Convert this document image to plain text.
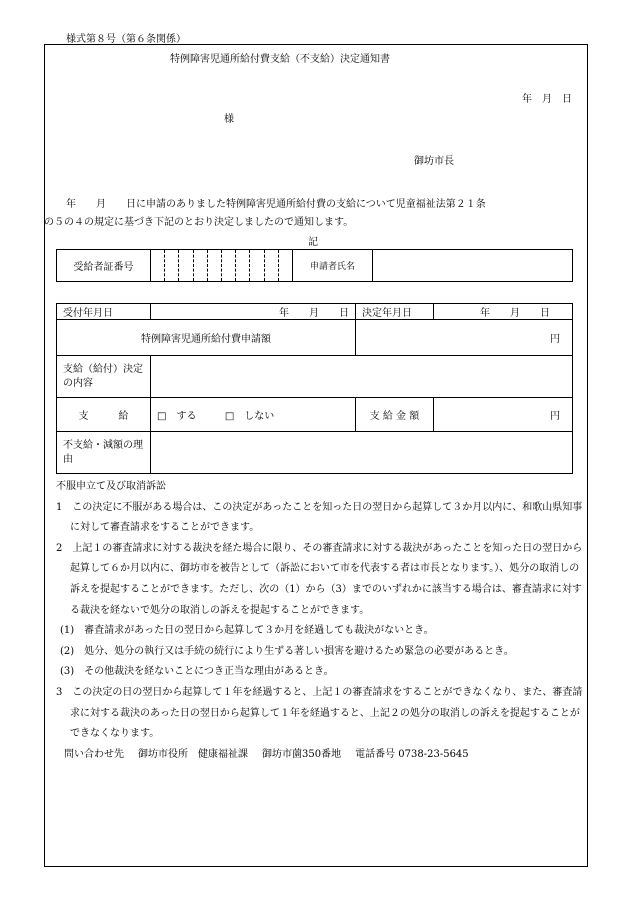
様式第８号（第６条関係）
特例障害児通所給付費支給（不支給）決定通知書
年　月　日
様
御坊市長
年　　月　　日に申請のありました特例障害児通所給付費の支給について児童福祉法第２１条
の５の４の規定に基づき下記のとおり決定しましたので通知します。
記
受給者証番号		申請者氏名	
受付年月日	年　　月　　日	決定年月日	年　　月　　日
特例障害児通所給付費申請額		円	
支給（給付）決定の内容			
支　　　給	□　する □　しない	支 給 金 額	円
不支給・減額の理由			

不服申立て及び取消訴訟

1　この決定に不服がある場合は、この決定があったことを知った日の翌日から起算して３か月以内に、和歌山県知事に対して審査請求をすることができます。

2　上記１の審査請求に対する裁決を経た場合に限り、その審査請求に対する裁決があったことを知った日の翌日から起算して６か月以内に、御坊市を被告として（訴訟において市を代表する者は市長となります。）、処分の取消しの訴えを提起することができます。ただし、次の（1）から（3）までのいずれかに該当する場合は、審査請求に対する裁決を経ないで処分の取消しの訴えを提起することができます。

(1)　審査請求があった日の翌日から起算して３か月を経過しても裁決がないとき。

(2)　処分、処分の執行又は手続の続行により生ずる著しい損害を避けるため緊急の必要があるとき。

(3)　その他裁決を経ないことにつき正当な理由があるとき。

3　この決定の日の翌日から起算して１年を経過すると、上記１の審査請求をすることができなくなり、また、審査請求に対する裁決のあった日の翌日から起算して１年を経過すると、上記２の処分の取消しの訴えを提起することができなくなります。

問い合わせ先 御坊市役所　健康福祉課 御坊市薗350番地 電話番号 0738-23-5645
